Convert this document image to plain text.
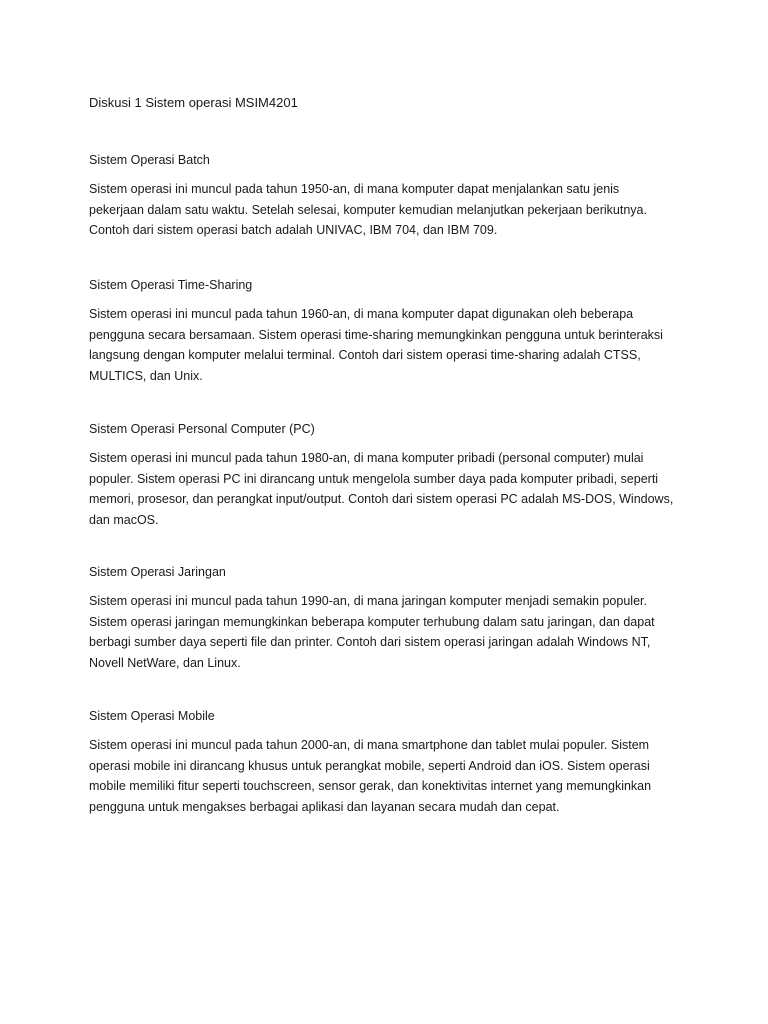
Diskusi 1 Sistem operasi MSIM4201
Sistem Operasi Batch

Sistem operasi ini muncul pada tahun 1950-an, di mana komputer dapat menjalankan satu jenis
pekerjaan dalam satu waktu. Setelah selesai, komputer kemudian melanjutkan pekerjaan berikutnya.
Contoh dari sistem operasi batch adalah UNIVAC, IBM 704, dan IBM 709.

Sistem Operasi Time-Sharing

Sistem operasi ini muncul pada tahun 1960-an, di mana komputer dapat digunakan oleh beberapa
pengguna secara bersamaan. Sistem operasi time-sharing memungkinkan pengguna untuk berinteraksi
langsung dengan komputer melalui terminal. Contoh dari sistem operasi time-sharing adalah CTSS,
MULTICS, dan Unix.

Sistem Operasi Personal Computer (PC)

Sistem operasi ini muncul pada tahun 1980-an, di mana komputer pribadi (personal computer) mulai
populer. Sistem operasi PC ini dirancang untuk mengelola sumber daya pada komputer pribadi, seperti
memori, prosesor, dan perangkat input/output. Contoh dari sistem operasi PC adalah MS-DOS, Windows,
dan macOS.

Sistem Operasi Jaringan

Sistem operasi ini muncul pada tahun 1990-an, di mana jaringan komputer menjadi semakin populer.
Sistem operasi jaringan memungkinkan beberapa komputer terhubung dalam satu jaringan, dan dapat
berbagi sumber daya seperti file dan printer. Contoh dari sistem operasi jaringan adalah Windows NT,
Novell NetWare, dan Linux.

Sistem Operasi Mobile

Sistem operasi ini muncul pada tahun 2000-an, di mana smartphone dan tablet mulai populer. Sistem
operasi mobile ini dirancang khusus untuk perangkat mobile, seperti Android dan iOS. Sistem operasi
mobile memiliki fitur seperti touchscreen, sensor gerak, dan konektivitas internet yang memungkinkan
pengguna untuk mengakses berbagai aplikasi dan layanan secara mudah dan cepat.
